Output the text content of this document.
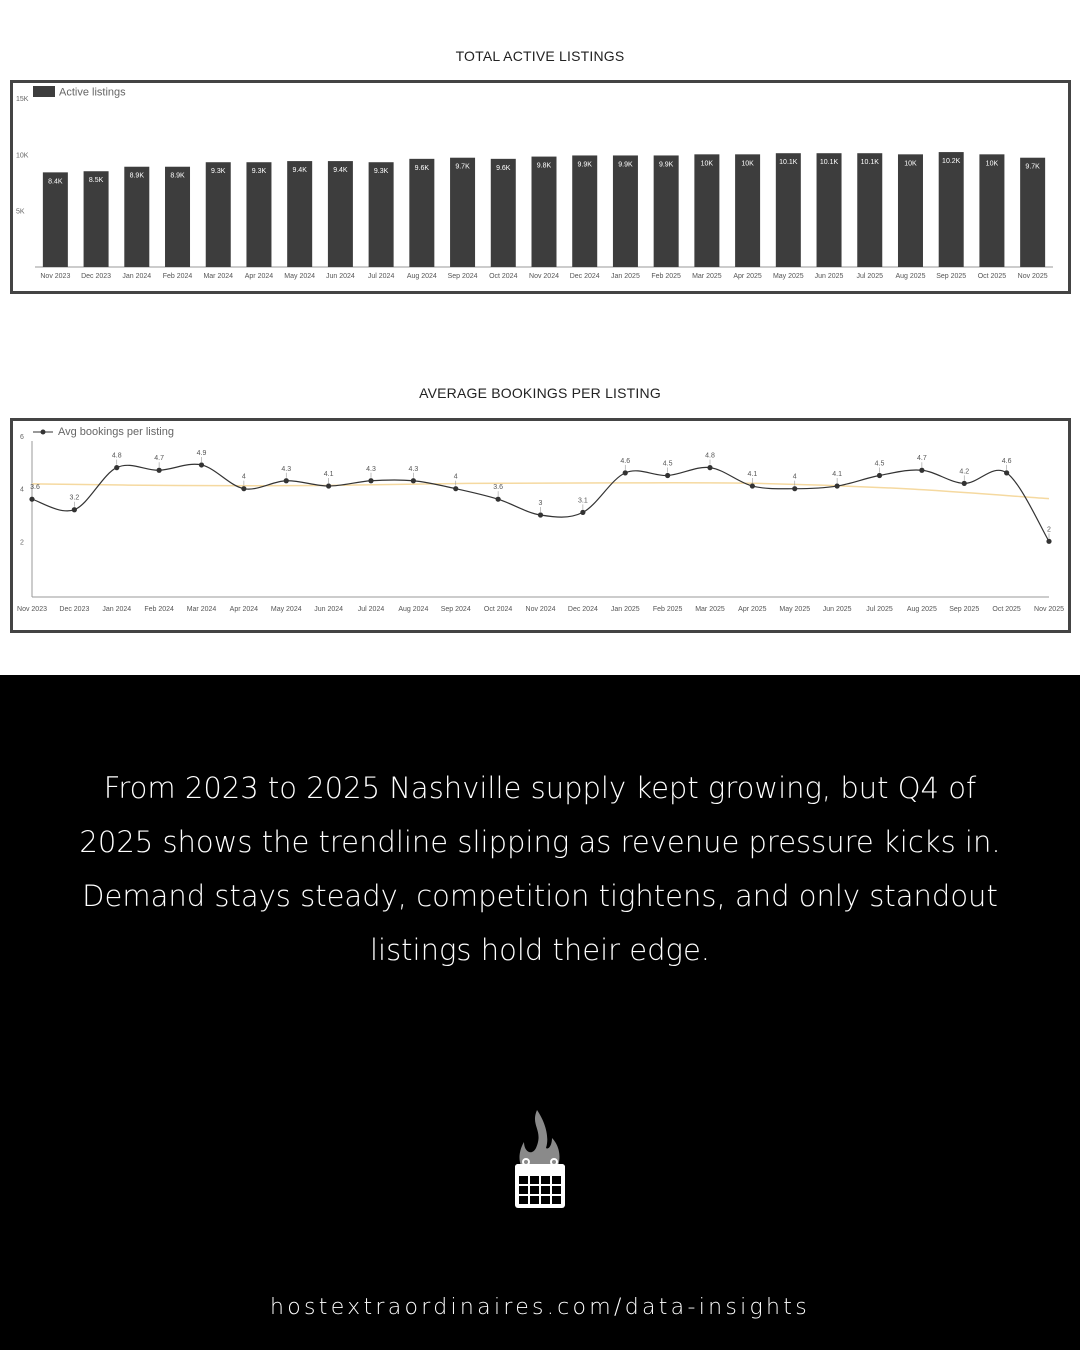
TOTAL ACTIVE LISTINGS
Active listings
5K
10K
15K
8.4K
Nov 2023
8.5K
Dec 2023
8.9K
Jan 2024
8.9K
Feb 2024
9.3K
Mar 2024
9.3K
Apr 2024
9.4K
May 2024
9.4K
Jun 2024
9.3K
Jul 2024
9.6K
Aug 2024
9.7K
Sep 2024
9.6K
Oct 2024
9.8K
Nov 2024
9.9K
Dec 2024
9.9K
Jan 2025
9.9K
Feb 2025
10K
Mar 2025
10K
Apr 2025
10.1K
May 2025
10.1K
Jun 2025
10.1K
Jul 2025
10K
Aug 2025
10.2K
Sep 2025
10K
Oct 2025
9.7K
Nov 2025
AVERAGE BOOKINGS PER LISTING
Avg bookings per listing
2
4
6
3.6
Nov 2023
3.2
Dec 2023
4.8
Jan 2024
4.7
Feb 2024
4.9
Mar 2024
4
Apr 2024
4.3
May 2024
4.1
Jun 2024
4.3
Jul 2024
4.3
Aug 2024
4
Sep 2024
3.6
Oct 2024
3
Nov 2024
3.1
Dec 2024
4.6
Jan 2025
4.5
Feb 2025
4.8
Mar 2025
4.1
Apr 2025
4
May 2025
4.1
Jun 2025
4.5
Jul 2025
4.7
Aug 2025
4.2
Sep 2025
4.6
Oct 2025
2
Nov 2025
From 2023 to 2025 Nashville supply kept growing, but Q4 of 2025 shows the trendline slipping as revenue pressure kicks in. Demand stays steady, competition tightens, and only standout listings hold their edge.
hostextraordinaires.com/data-insights
